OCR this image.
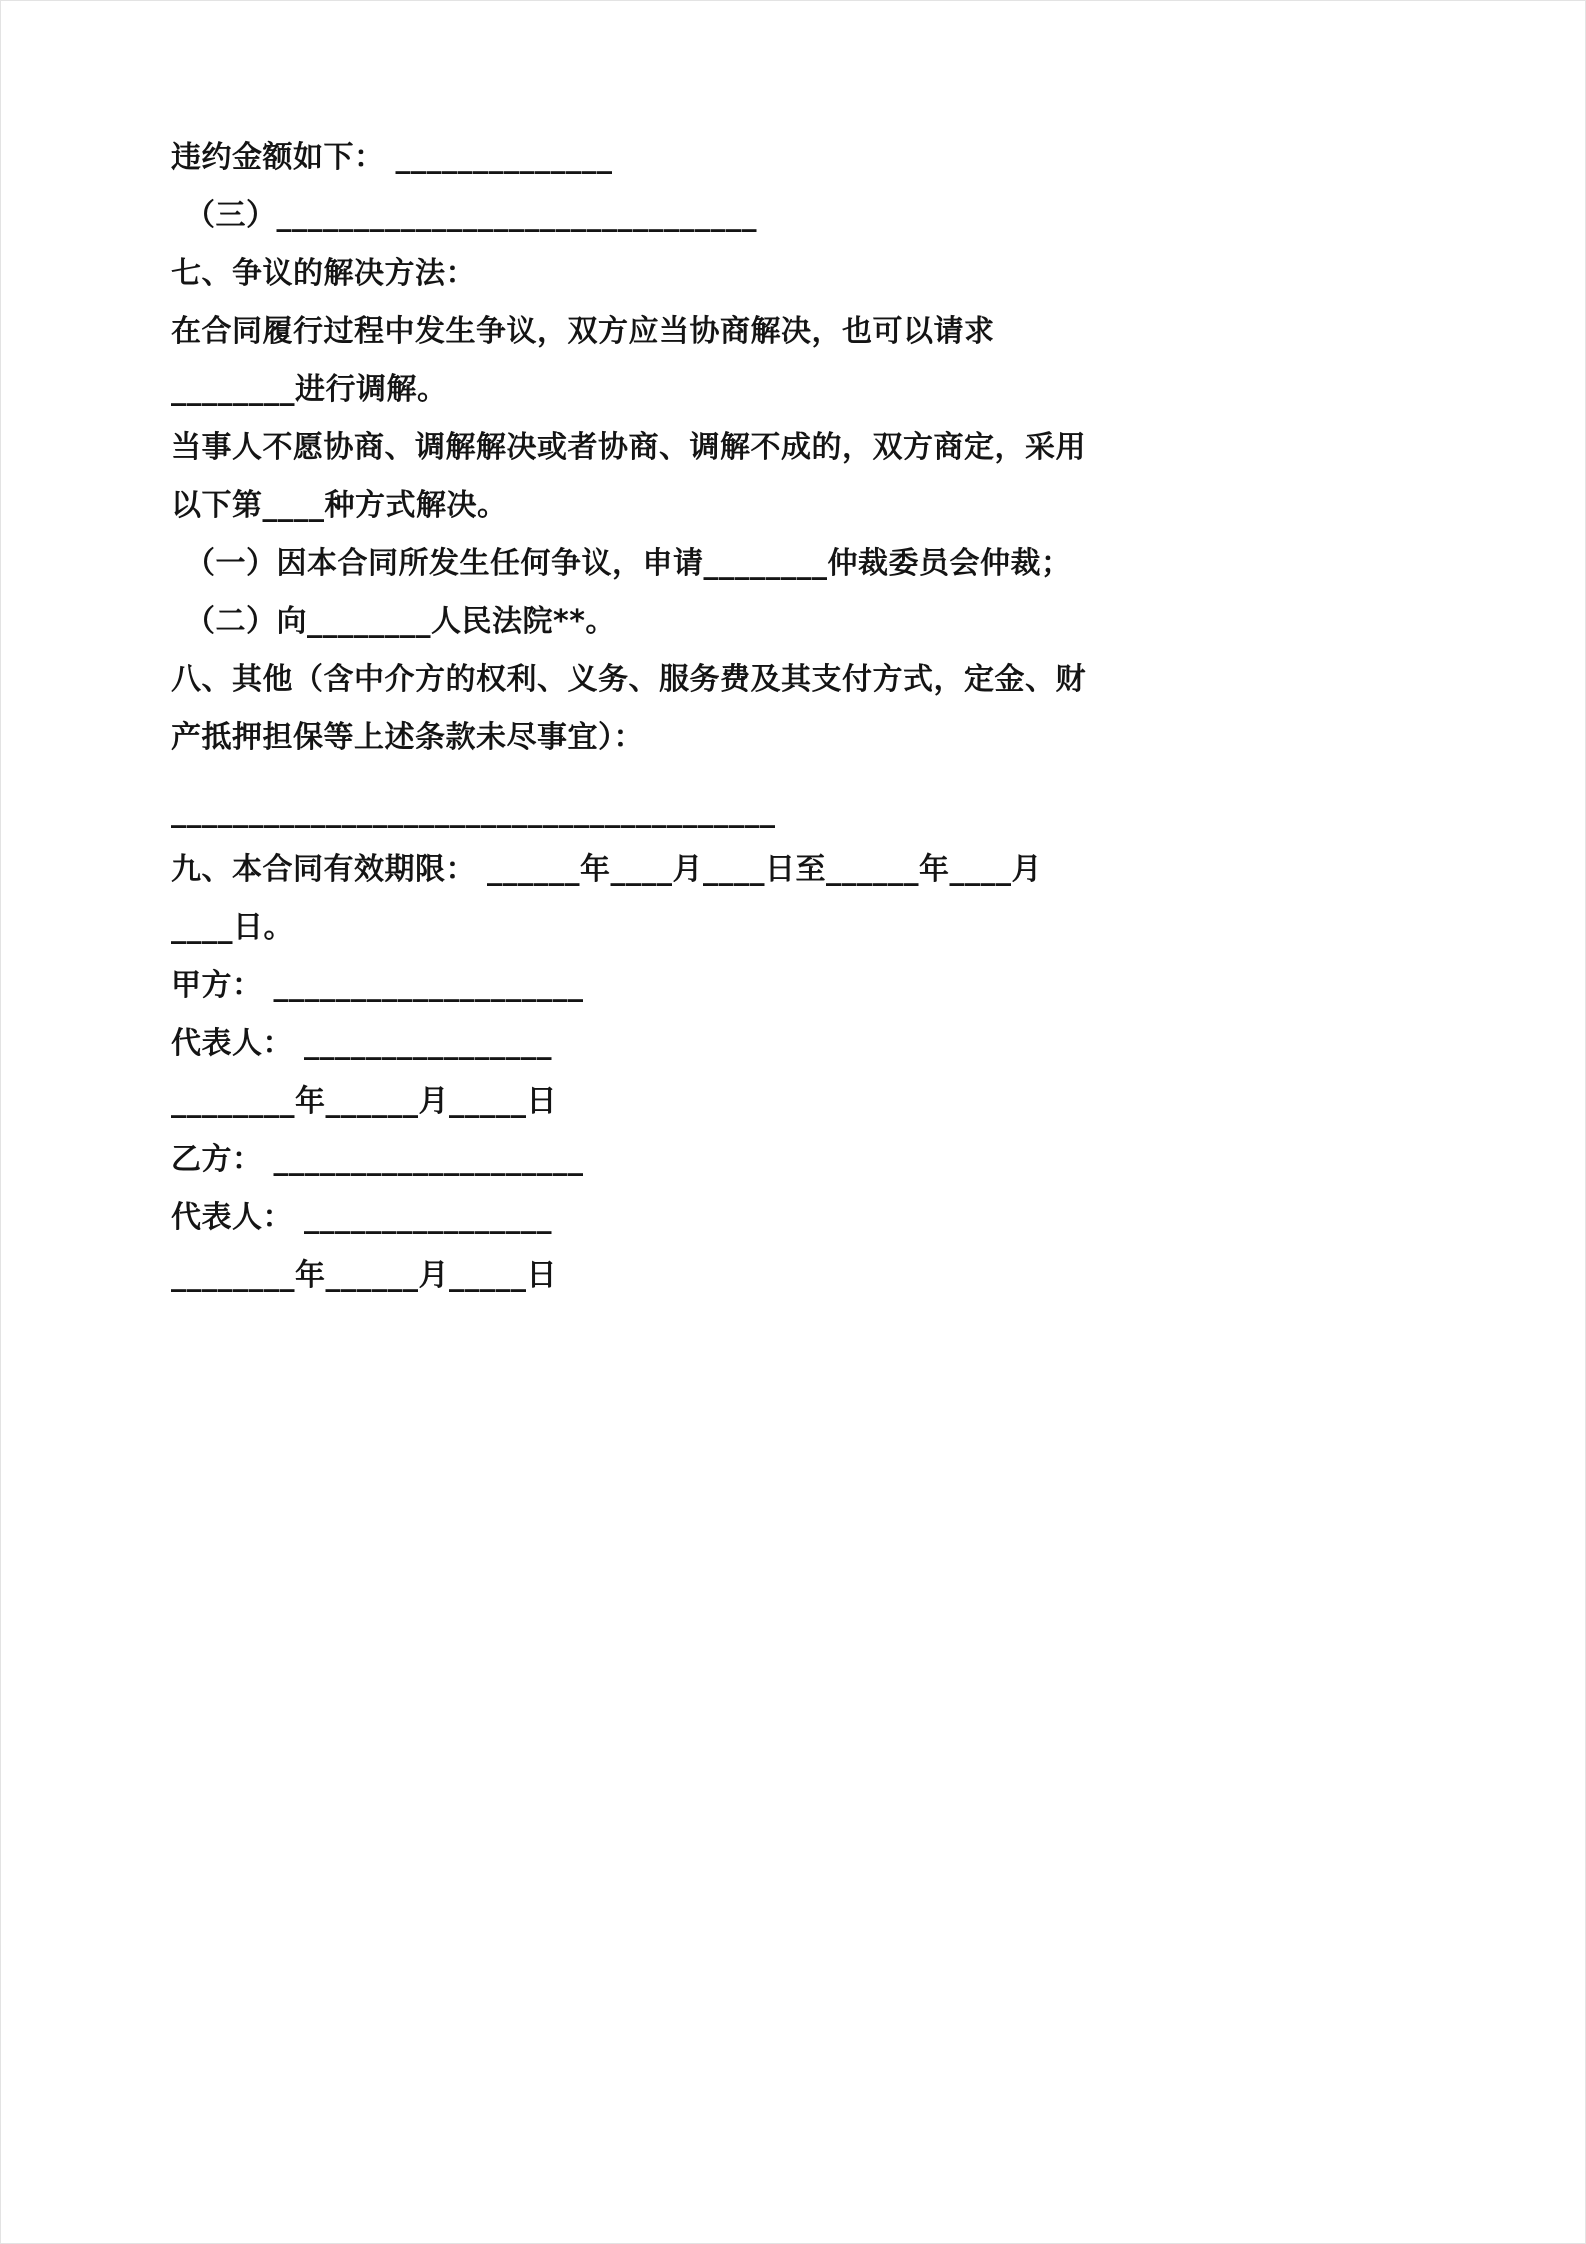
违约金额如下： ______________

（三）_______________________________

七、争议的解决方法：

在合同履行过程中发生争议，双方应当协商解决，也可以请求

________进行调解。

当事人不愿协商、调解解决或者协商、调解不成的，双方商定，采用

以下第____种方式解决。

（一）因本合同所发生任何争议，申请________仲裁委员会仲裁；

（二）向________人民法院**。

八、其他（含中介方的权利、义务、服务费及其支付方式，定金、财

产抵押担保等上述条款未尽事宜）：

_______________________________________

九、本合同有效期限： ______年____月____日至______年____月

____日。

甲方： ____________________

代表人： ________________

________年______月_____日

乙方： ____________________

代表人： ________________

________年______月_____日
